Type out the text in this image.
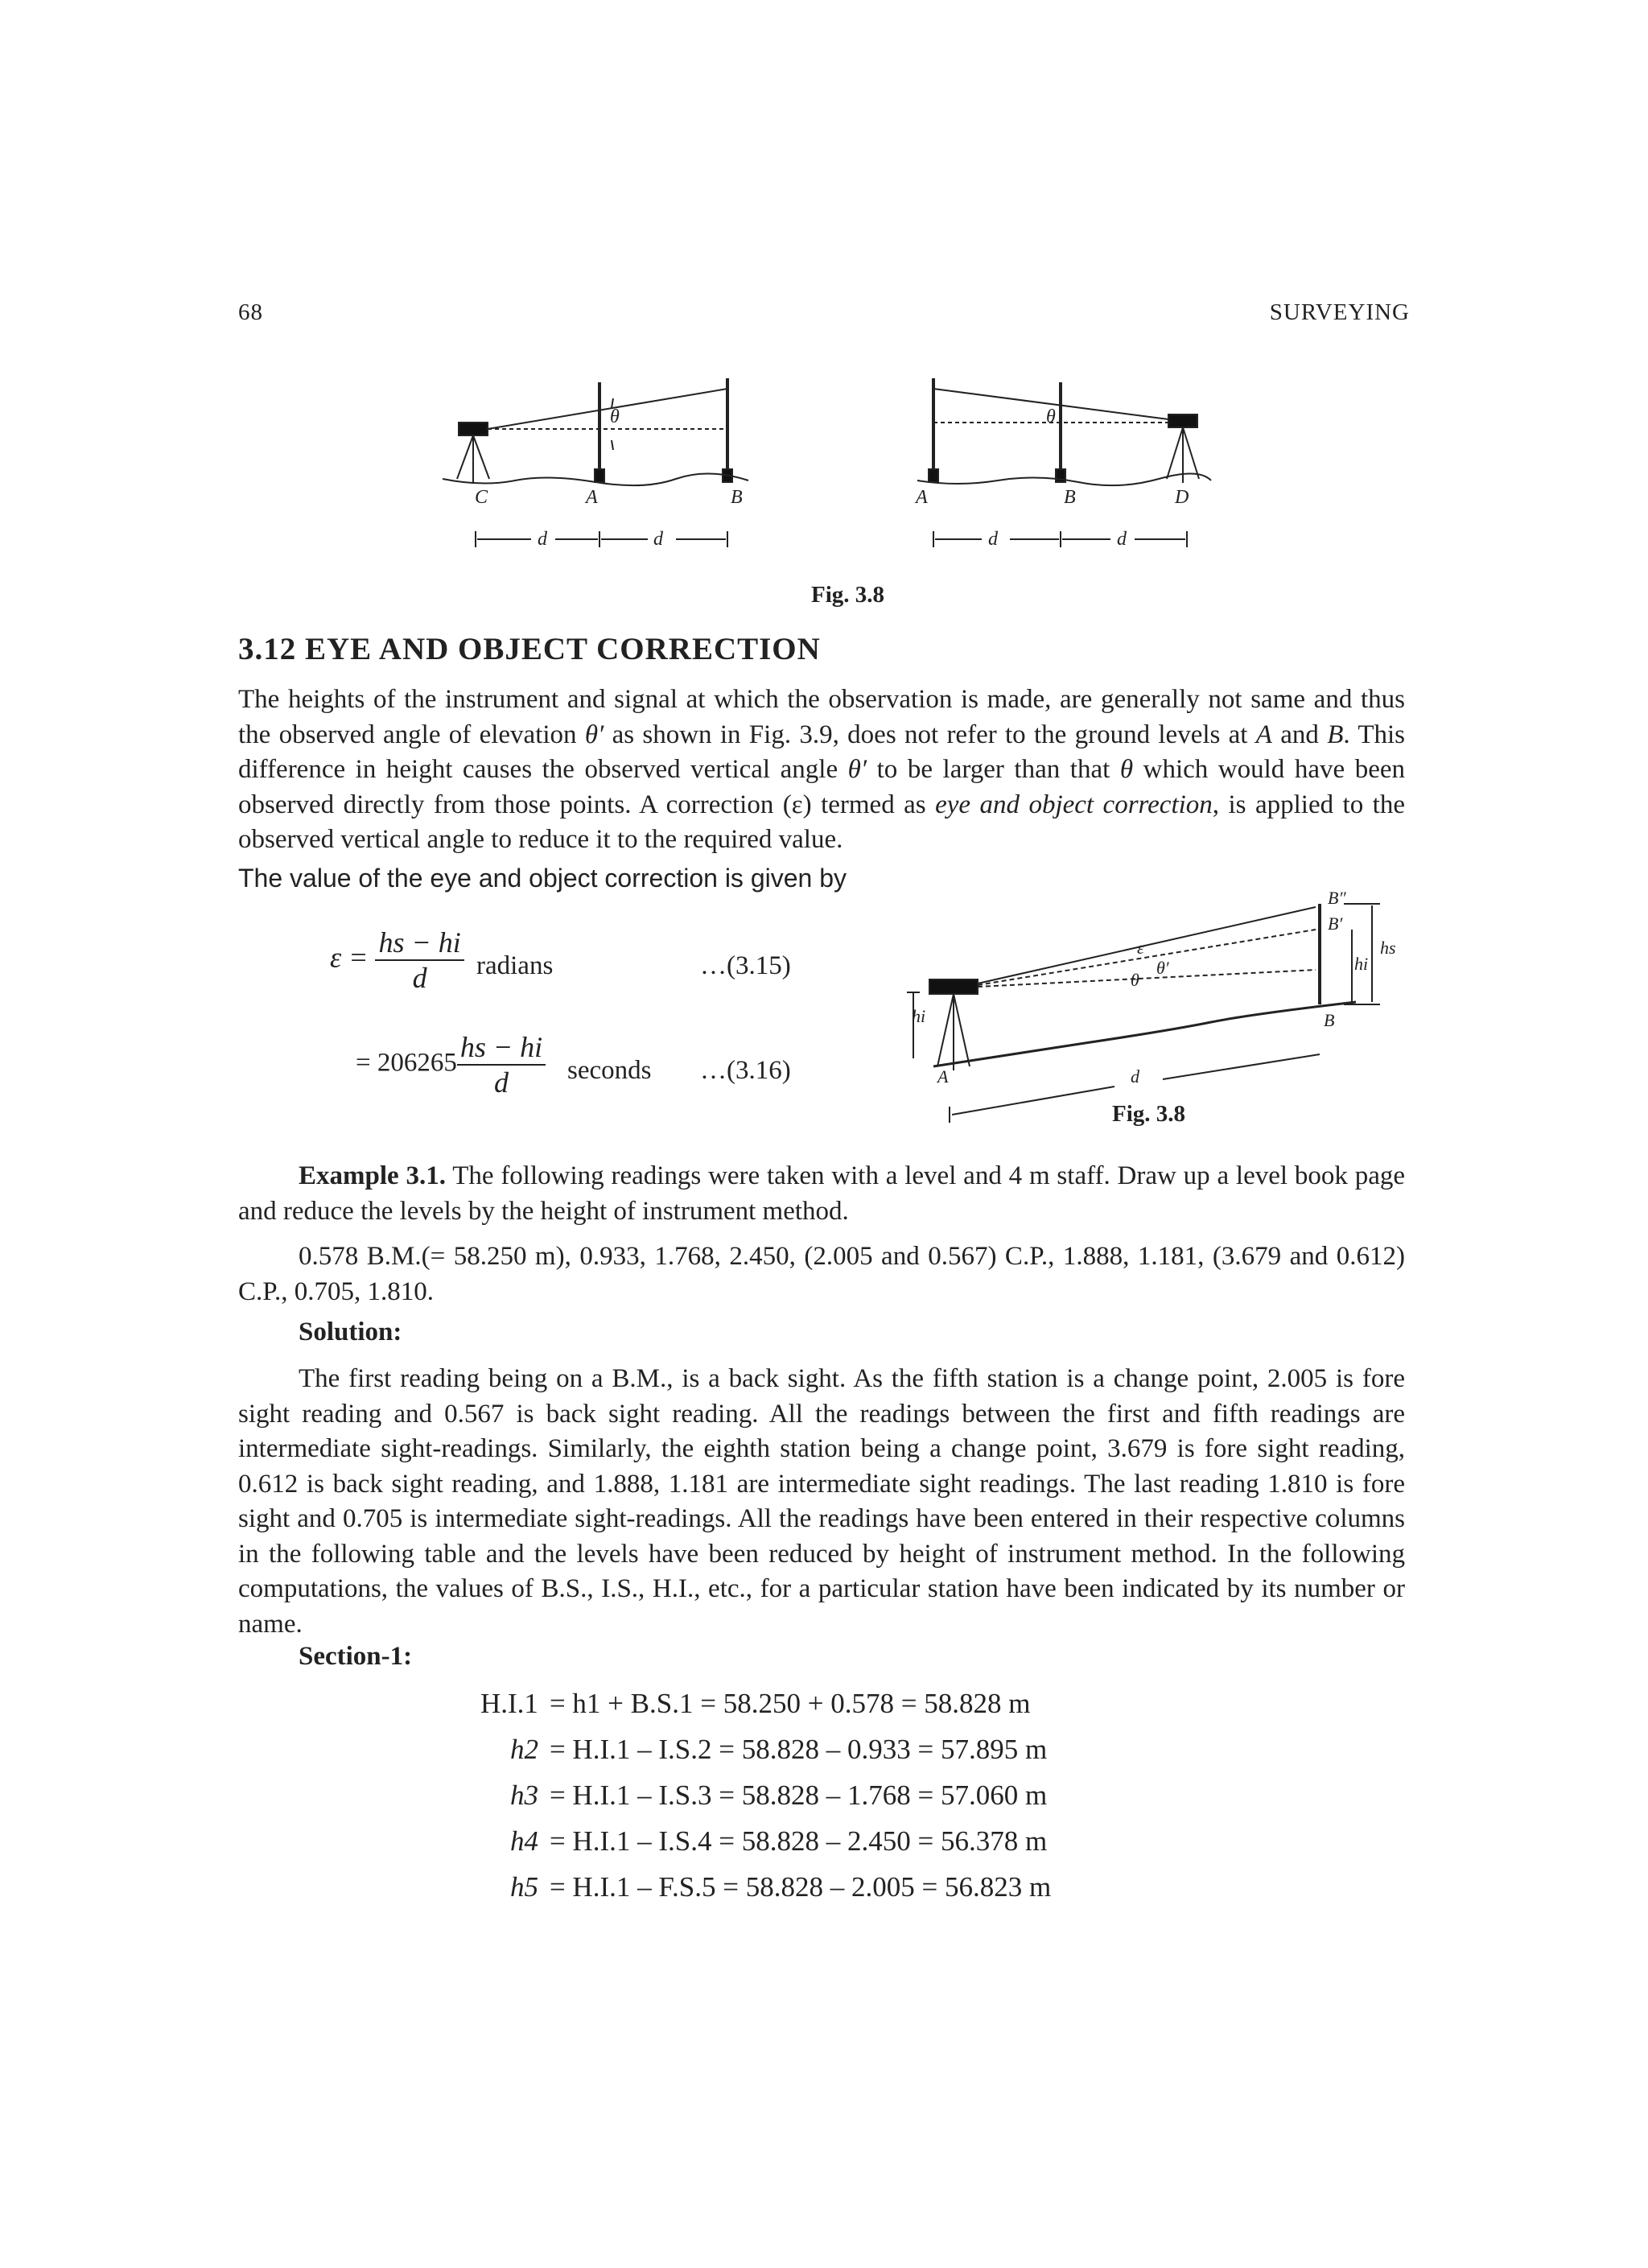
68	SURVEYING
C	A	B
θ
d	d
A	B	D
θ
d	d
Fig. 3.8
3.12 EYE AND OBJECT CORRECTION

The heights of the instrument and signal at which the observation is made, are generally not same and thus the observed angle of elevation θ′ as shown in Fig. 3.9, does not refer to the ground levels at A and B. This difference in height causes the observed vertical angle θ′ to be larger than that θ which would have been observed directly from those points. A correction (ε) termed as eye and object correction, is applied to the observed vertical angle to reduce it to the required value.

The value of the eye and object correction is given by

$\varepsilon = \frac{hs - hi}{d}$ radians	…(3.15)
= $206265 \frac{hs - hi}{d}$ seconds …(3.16)
B″
B′
hs
hi
ε
θ
θ′
hi
A
B
d
Fig. 3.8

Example 3.1. The following readings were taken with a level and 4 m staff. Draw up a level book page and reduce the levels by the height of instrument method.

0.578 B.M.(= 58.250 m), 0.933, 1.768, 2.450, (2.005 and 0.567) C.P., 1.888, 1.181, (3.679 and 0.612) C.P., 0.705, 1.810.

Solution:

The first reading being on a B.M., is a back sight. As the fifth station is a change point, 2.005 is fore sight reading and 0.567 is back sight reading. All the readings between the first and fifth readings are intermediate sight-readings. Similarly, the eighth station being a change point, 3.679 is fore sight reading, 0.612 is back sight reading, and 1.888, 1.181 are intermediate sight readings. The last reading 1.810 is fore sight and 0.705 is intermediate sight-readings. All the readings have been entered in their respective columns in the following table and the levels have been reduced by height of instrument method. In the following computations, the values of B.S., I.S., H.I., etc., for a particular station have been indicated by its number or name.

Section-1:
H.I.1	= h1 + B.S.1 = 58.250 + 0.578 = 58.828 m
h2	= H.I.1 – I.S.2 = 58.828 – 0.933 = 57.895 m
h3	= H.I.1 – I.S.3 = 58.828 – 1.768 = 57.060 m
h4	= H.I.1 – I.S.4 = 58.828 – 2.450 = 56.378 m
h5	= H.I.1 – F.S.5 = 58.828 – 2.005 = 56.823 m
